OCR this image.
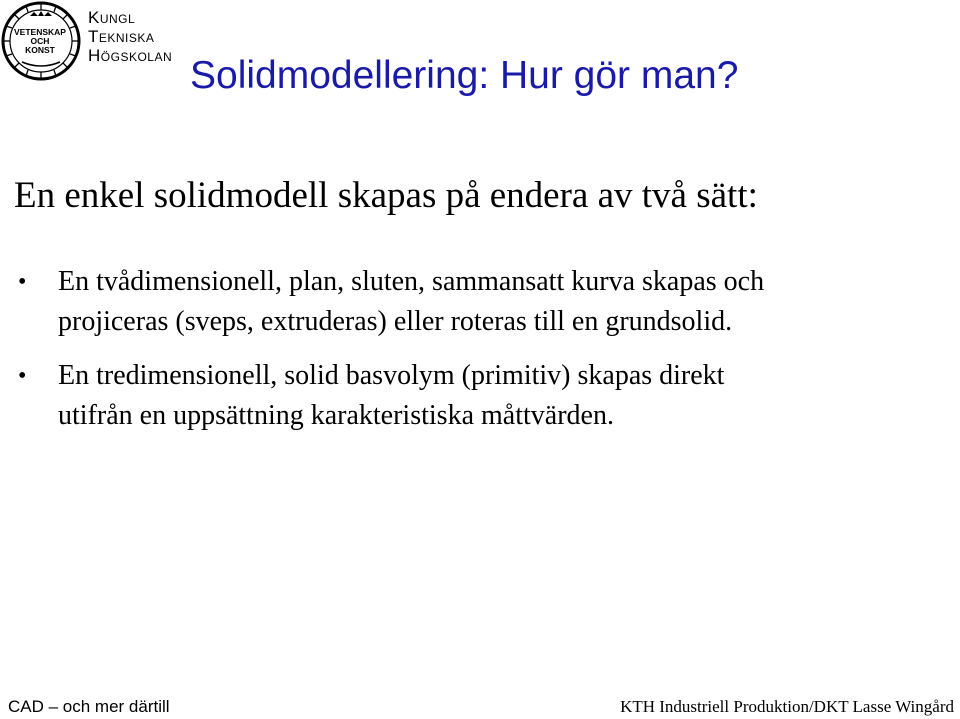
VETENSKAP
OCH
KONST
Kungl
Tekniska
Högskolan Solidmodellering: Hur gör man?
En enkel solidmodell skapas på endera av två sätt:
• En tvådimensionell, plan, sluten, sammansatt kurva skapas och
projiceras (sveps, extruderas) eller roteras till en grundsolid.
• En tredimensionell, solid basvolym (primitiv) skapas direkt
utifrån en uppsättning karakteristiska måttvärden.
CAD – och mer därtill	KTH Industriell Produktion/DKT Lasse Wingård
